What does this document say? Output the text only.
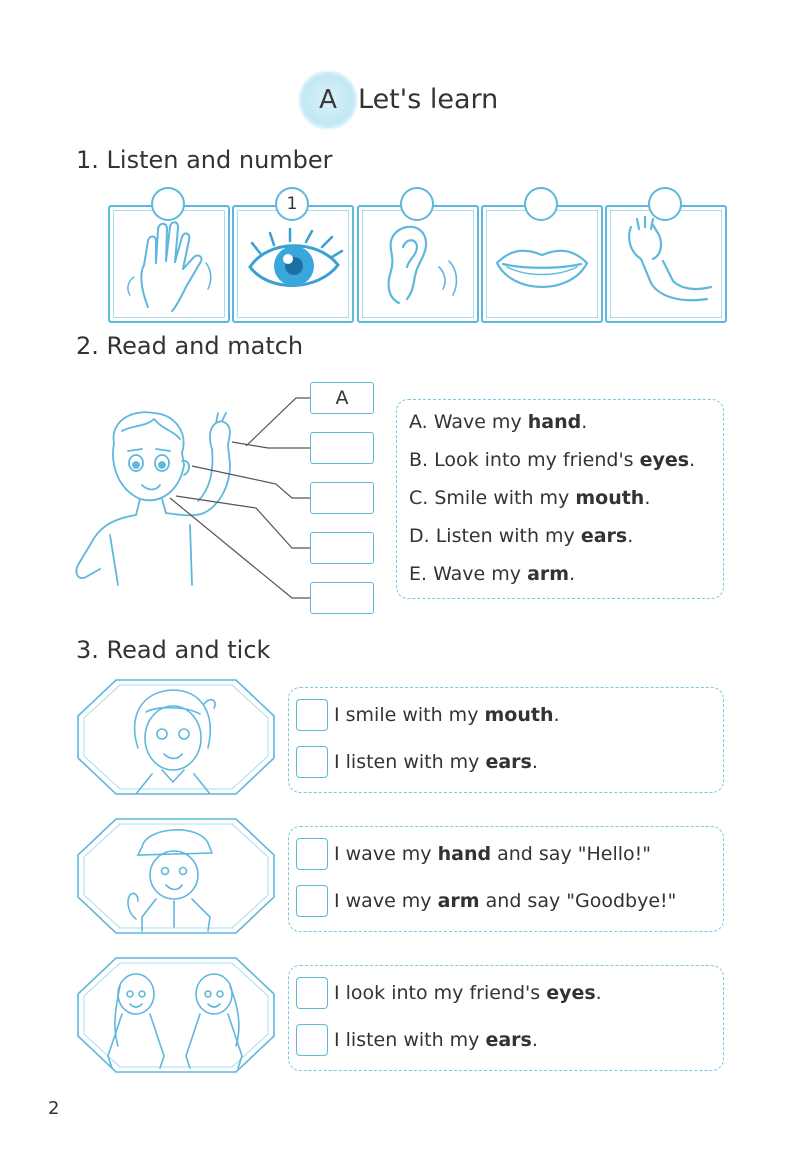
A Let's learn
1. Listen and number
1
2. Read and match
A
A. Wave my hand.
B. Look into my friend's eyes.
C. Smile with my mouth.
D. Listen with my ears.
E. Wave my arm.
3. Read and tick
I smile with my mouth.
I listen with my ears.
I wave my hand and say "Hello!"
I wave my arm and say "Goodbye!"
I look into my friend's eyes.
I listen with my ears.
2
